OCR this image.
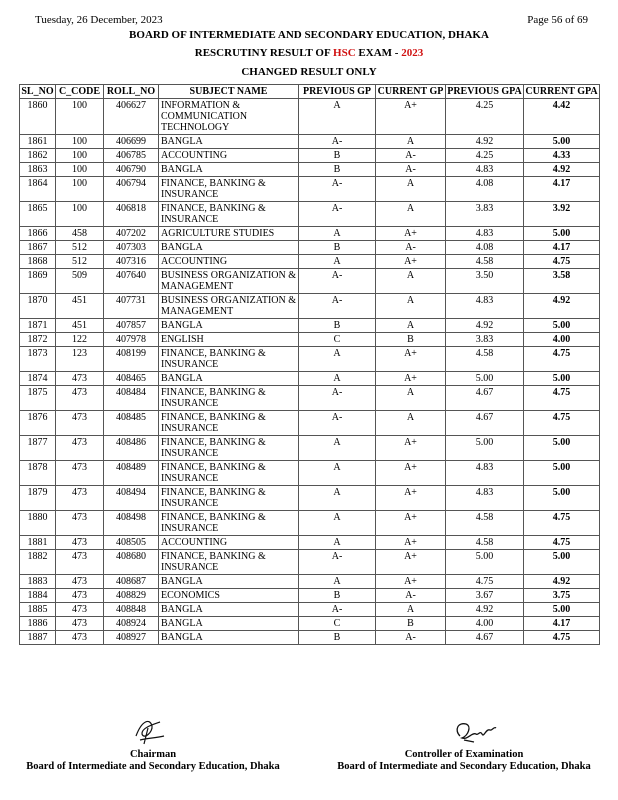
Tuesday, 26 December, 2023	Page 56 of 69
BOARD OF INTERMEDIATE AND SECONDARY EDUCATION, DHAKA
RESCRUTINY RESULT OF HSC EXAM - 2023
CHANGED RESULT ONLY
SL_NO	C_CODE	ROLL_NO	SUBJECT NAME	PREVIOUS GP	CURRENT GP	PREVIOUS GPA	CURRENT GPA
1860	100	406627	INFORMATION & COMMUNICATION TECHNOLOGY	A	A+	4.25	4.42
1861	100	406699	BANGLA	A-	A	4.92	5.00
1862	100	406785	ACCOUNTING	B	A-	4.25	4.33
1863	100	406790	BANGLA	B	A-	4.83	4.92
1864	100	406794	FINANCE, BANKING & INSURANCE	A-	A	4.08	4.17
1865	100	406818	FINANCE, BANKING & INSURANCE	A-	A	3.83	3.92
1866	458	407202	AGRICULTURE STUDIES	A	A+	4.83	5.00
1867	512	407303	BANGLA	B	A-	4.08	4.17
1868	512	407316	ACCOUNTING	A	A+	4.58	4.75
1869	509	407640	BUSINESS ORGANIZATION & MANAGEMENT	A-	A	3.50	3.58
1870	451	407731	BUSINESS ORGANIZATION & MANAGEMENT	A-	A	4.83	4.92
1871	451	407857	BANGLA	B	A	4.92	5.00
1872	122	407978	ENGLISH	C	B	3.83	4.00
1873	123	408199	FINANCE, BANKING & INSURANCE	A	A+	4.58	4.75
1874	473	408465	BANGLA	A	A+	5.00	5.00
1875	473	408484	FINANCE, BANKING & INSURANCE	A-	A	4.67	4.75
1876	473	408485	FINANCE, BANKING & INSURANCE	A-	A	4.67	4.75
1877	473	408486	FINANCE, BANKING & INSURANCE	A	A+	5.00	5.00
1878	473	408489	FINANCE, BANKING & INSURANCE	A	A+	4.83	5.00
1879	473	408494	FINANCE, BANKING & INSURANCE	A	A+	4.83	5.00
1880	473	408498	FINANCE, BANKING & INSURANCE	A	A+	4.58	4.75
1881	473	408505	ACCOUNTING	A	A+	4.58	4.75
1882	473	408680	FINANCE, BANKING & INSURANCE	A-	A+	5.00	5.00
1883	473	408687	BANGLA	A	A+	4.75	4.92
1884	473	408829	ECONOMICS	B	A-	3.67	3.75
1885	473	408848	BANGLA	A-	A	4.92	5.00
1886	473	408924	BANGLA	C	B	4.00	4.17
1887	473	408927	BANGLA	B	A-	4.67	4.75
Chairman
Board of Intermediate and Secondary Education, Dhaka
Controller of Examination
Board of Intermediate and Secondary Education, Dhaka
